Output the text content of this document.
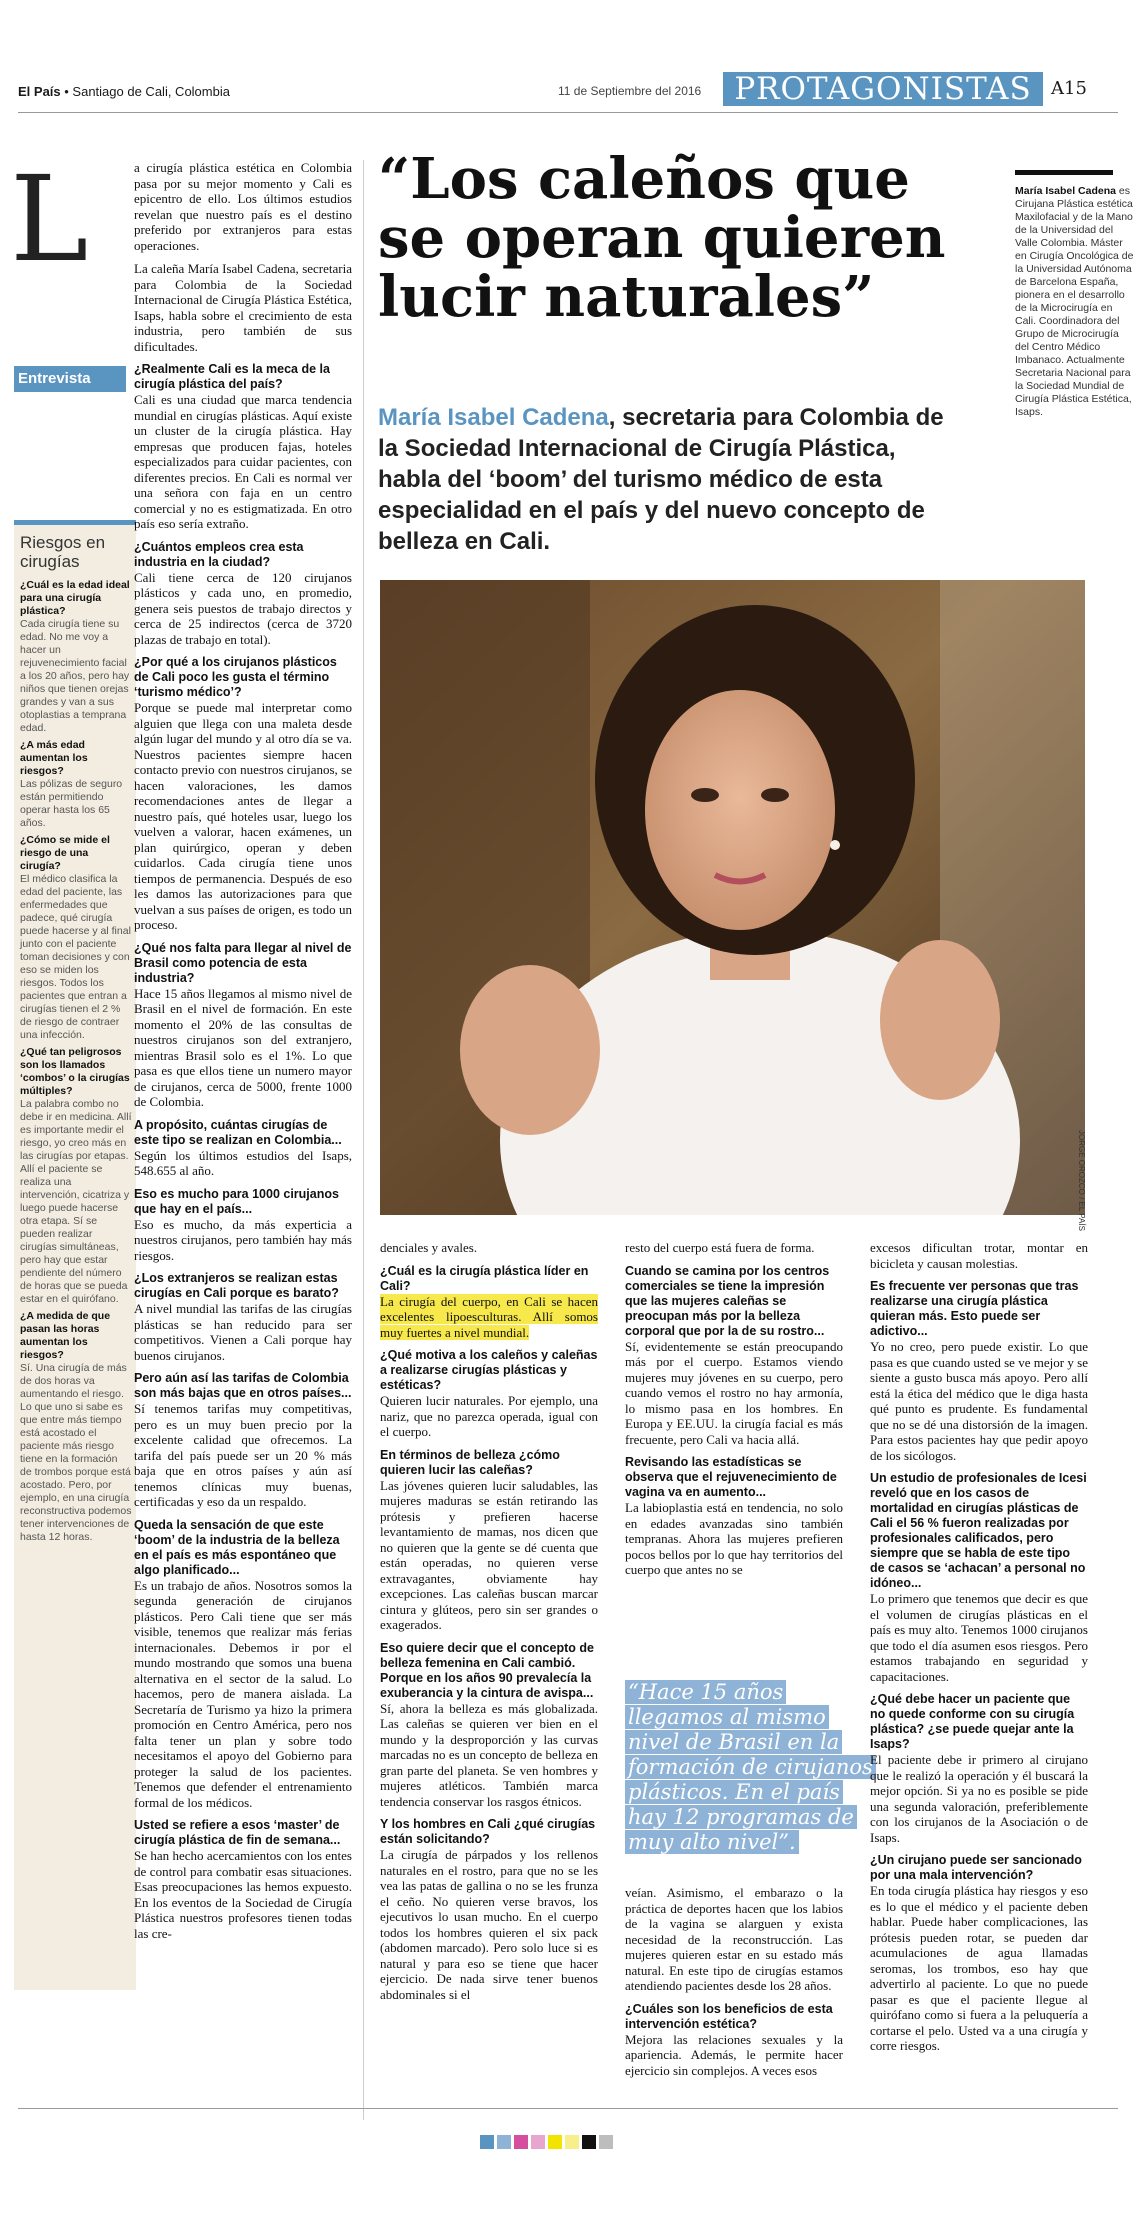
El País • Santiago de Cali, Colombia	11 de Septiembre del 2016	PROTAGONISTAS	A15
L
Entrevista
Riesgos en cirugías
¿Cuál es la edad ideal para una cirugía plástica?
Cada cirugía tiene su edad. No me voy a hacer un rejuvenecimiento facial a los 20 años, pero hay niños que tienen orejas grandes y van a sus otoplastias a temprana edad.
¿A más edad aumentan los riesgos?
Las pólizas de seguro están permitiendo operar hasta los 65 años.
¿Cómo se mide el riesgo de una cirugía?
El médico clasifica la edad del paciente, las enfermedades que padece, qué cirugía puede hacerse y al final junto con el paciente toman decisiones y con eso se miden los riesgos. Todos los pacientes que entran a cirugías tienen el 2 % de riesgo de contraer una infección.
¿Qué tan peligrosos son los llamados ‘combos’ o la cirugías múltiples?
La palabra combo no debe ir en medicina. Allí es importante medir el riesgo, yo creo más en las cirugías por etapas. Allí el paciente se realiza una intervención, cicatriza y luego puede hacerse otra etapa. Sí se pueden realizar cirugías simultáneas, pero hay que estar pendiente del número de horas que se pueda estar en el quirófano.
¿A medida de que pasan las horas aumentan los riesgos?
Sí. Una cirugía de más de dos horas va aumentando el riesgo. Lo que uno si sabe es que entre más tiempo está acostado el paciente más riesgo tiene en la formación de trombos porque está acostado. Pero, por ejemplo, en una cirugía reconstructiva podemos tener intervenciones de hasta 12 horas.

a cirugía plástica estética en Colombia pasa por su mejor momento y Cali es epicentro de ello. Los últimos estudios revelan que nuestro país es el destino preferido por extranjeros para estas operaciones.

La caleña María Isabel Cadena, secretaria para Colombia de la Sociedad Internacional de Cirugía Plástica Estética, Isaps, habla sobre el crecimiento de esta industria, pero también de sus dificultades.

¿Realmente Cali es la meca de la cirugía plástica del país?

Cali es una ciudad que marca tendencia mundial en cirugías plásticas. Aquí existe un cluster de la cirugía plástica. Hay empresas que producen fajas, hoteles especializados para cuidar pacientes, con diferentes precios. En Cali es normal ver una señora con faja en un centro comercial y no es estigmatizada. En otro país eso sería extraño.

¿Cuántos empleos crea esta industria en la ciudad?

Cali tiene cerca de 120 cirujanos plásticos y cada uno, en promedio, genera seis puestos de trabajo directos y cerca de 25 indirectos (cerca de 3720 plazas de trabajo en total).

¿Por qué a los cirujanos plásticos de Cali poco les gusta el término ‘turismo médico’?

Porque se puede mal interpretar como alguien que llega con una maleta desde algún lugar del mundo y al otro día se va. Nuestros pacientes siempre hacen contacto previo con nuestros cirujanos, se hacen valoraciones, les damos recomendaciones antes de llegar a nuestro país, qué hoteles usar, luego los vuelven a valorar, hacen exámenes, un plan quirúrgico, operan y deben cuidarlos. Cada cirugía tiene unos tiempos de permanencia. Después de eso les damos las autorizaciones para que vuelvan a sus países de origen, es todo un proceso.

¿Qué nos falta para llegar al nivel de Brasil como potencia de esta industria?

Hace 15 años llegamos al mismo nivel de Brasil en el nivel de formación. En este momento el 20% de las consultas de nuestros cirujanos son del extranjero, mientras Brasil solo es el 1%. Lo que pasa es que ellos tiene un numero mayor de cirujanos, cerca de 5000, frente 1000 de Colombia.

A propósito, cuántas cirugías de este tipo se realizan en Colombia...

Según los últimos estudios del Isaps, 548.655 al año.

Eso es mucho para 1000 cirujanos que hay en el país...

Eso es mucho, da más experticia a nuestros cirujanos, pero también hay más riesgos.

¿Los extranjeros se realizan estas cirugías en Cali porque es barato?

A nivel mundial las tarifas de las cirugías plásticas se han reducido para ser competitivos. Vienen a Cali porque hay buenos cirujanos.

Pero aún así las tarifas de Colombia son más bajas que en otros países...

Sí tenemos tarifas muy competitivas, pero es un muy buen precio por la excelente calidad que ofrecemos. La tarifa del país puede ser un 20 % más baja que en otros países y aún así tenemos clínicas muy buenas, certificadas y eso da un respaldo.

Queda la sensación de que este ‘boom’ de la industria de la belleza en el país es más espontáneo que algo planificado...

Es un trabajo de años. Nosotros somos la segunda generación de cirujanos plásticos. Pero Cali tiene que ser más visible, tenemos que realizar más ferias internacionales. Debemos ir por el mundo mostrando que somos una buena alternativa en el sector de la salud. Lo hacemos, pero de manera aislada. La Secretaría de Turismo ya hizo la primera promoción en Centro América, pero nos falta tener un plan y sobre todo necesitamos el apoyo del Gobierno para proteger la salud de los pacientes. Tenemos que defender el entrenamiento formal de los médicos.

Usted se refiere a esos ‘master’ de cirugía plástica de fin de semana...

Se han hecho acercamientos con los entes de control para combatir esas situaciones. Esas preocupaciones las hemos expuesto. En los eventos de la Sociedad de Cirugía Plástica nuestros profesores tienen todas las cre-

“Los caleños que se operan quieren lucir naturales”
María Isabel Cadena, secretaria para Colombia de la Sociedad Internacional de Cirugía Plástica, habla del ‘boom’ del turismo médico de esta especialidad en el país y del nuevo concepto de belleza en Cali.
María Isabel Cadena es Cirujana Plástica estética Maxilofacial y de la Mano de la Universidad del Valle Colombia. Máster en Cirugía Oncológica de la Universidad Autónoma de Barcelona España, pionera en el desarrollo de la Microcirugía en Cali. Coordinadora del Grupo de Microcirugía del Centro Médico Imbanaco. Actualmente Secretaria Nacional para la Sociedad Mundial de Cirugía Plástica Estética, Isaps.
JORGE OROZCO / EL PAÍS

denciales y avales.

¿Cuál es la cirugía plástica líder en Cali?

La cirugía del cuerpo, en Cali se hacen excelentes lipoesculturas. Allí somos muy fuertes a nivel mundial.

¿Qué motiva a los caleños y caleñas a realizarse cirugías plásticas y estéticas?

Quieren lucir naturales. Por ejemplo, una nariz, que no parezca operada, igual con el cuerpo.

En términos de belleza ¿cómo quieren lucir las caleñas?

Las jóvenes quieren lucir saludables, las mujeres maduras se están retirando las prótesis y prefieren hacerse levantamiento de mamas, nos dicen que no quieren que la gente se dé cuenta que están operadas, no quieren verse extravagantes, obviamente hay excepciones. Las caleñas buscan marcar cintura y glúteos, pero sin ser grandes o exagerados.

Eso quiere decir que el concepto de belleza femenina en Cali cambió. Porque en los años 90 prevalecía la exuberancia y la cintura de avispa...

Sí, ahora la belleza es más globalizada. Las caleñas se quieren ver bien en el mundo y la desproporción y las curvas marcadas no es un concepto de belleza en gran parte del planeta. Se ven hombres y mujeres atléticos. También marca tendencia conservar los rasgos étnicos.

Y los hombres en Cali ¿qué cirugías están solicitando?

La cirugía de párpados y los rellenos naturales en el rostro, para que no se les vea las patas de gallina o no se les frunza el ceño. No quieren verse bravos, los ejecutivos lo usan mucho. En el cuerpo todos los hombres quieren el six pack (abdomen marcado). Pero solo luce si es natural y para eso se tiene que hacer ejercicio. De nada sirve tener buenos abdominales si el

resto del cuerpo está fuera de forma.

Cuando se camina por los centros comerciales se tiene la impresión que las mujeres caleñas se preocupan más por la belleza corporal que por la de su rostro...

Sí, evidentemente se están preocupando más por el cuerpo. Estamos viendo mujeres muy jóvenes en su cuerpo, pero cuando vemos el rostro no hay armonía, lo mismo pasa en los hombres. En Europa y EE.UU. la cirugía facial es más frecuente, pero Cali va hacia allá.

Revisando las estadísticas se observa que el rejuvenecimiento de vagina va en aumento...

La labioplastia está en tendencia, no solo en edades avanzadas sino también tempranas. Ahora las mujeres prefieren pocos bellos por lo que hay territorios del cuerpo que antes no se

“Hace 15 años llegamos al mismo nivel de Brasil en la formación de cirujanos plásticos. En el país hay 12 programas de muy alto nivel”.

veían. Asimismo, el embarazo o la práctica de deportes hacen que los labios de la vagina se alarguen y exista necesidad de la reconstrucción. Las mujeres quieren estar en su estado más natural. En este tipo de cirugías estamos atendiendo pacientes desde los 28 años.

¿Cuáles son los beneficios de esta intervención estética?

Mejora las relaciones sexuales y la apariencia. Además, le permite hacer ejercicio sin complejos. A veces esos

excesos dificultan trotar, montar en bicicleta y causan molestias.

Es frecuente ver personas que tras realizarse una cirugía plástica quieran más. Esto puede ser adictivo...

Yo no creo, pero puede existir. Lo que pasa es que cuando usted se ve mejor y se siente a gusto busca más apoyo. Pero allí está la ética del médico que le diga hasta qué punto es prudente. Es fundamental que no se dé una distorsión de la imagen. Para estos pacientes hay que pedir apoyo de los sicólogos.

Un estudio de profesionales de Icesi reveló que en los casos de mortalidad en cirugías plásticas de Cali el 56 % fueron realizadas por profesionales calificados, pero siempre que se habla de este tipo de casos se ‘achacan’ a personal no idóneo...

Lo primero que tenemos que decir es que el volumen de cirugías plásticas en el país es muy alto. Tenemos 1000 cirujanos que todo el día asumen esos riesgos. Pero estamos trabajando en seguridad y capacitaciones.

¿Qué debe hacer un paciente que no quede conforme con su cirugía plástica? ¿se puede quejar ante la Isaps?

El paciente debe ir primero al cirujano que le realizó la operación y él buscará la mejor opción. Si ya no es posible se pide una segunda valoración, preferiblemente con los cirujanos de la Asociación o de Isaps.

¿Un cirujano puede ser sancionado por una mala intervención?

En toda cirugía plástica hay riesgos y eso es lo que el médico y el paciente deben hablar. Puede haber complicaciones, las prótesis pueden rotar, se pueden dar acumulaciones de agua llamadas seromas, los trombos, eso hay que advertirlo al paciente. Lo que no puede pasar es que el paciente llegue al quirófano como si fuera a la peluquería a cortarse el pelo. Usted va a una cirugía y corre riesgos.
